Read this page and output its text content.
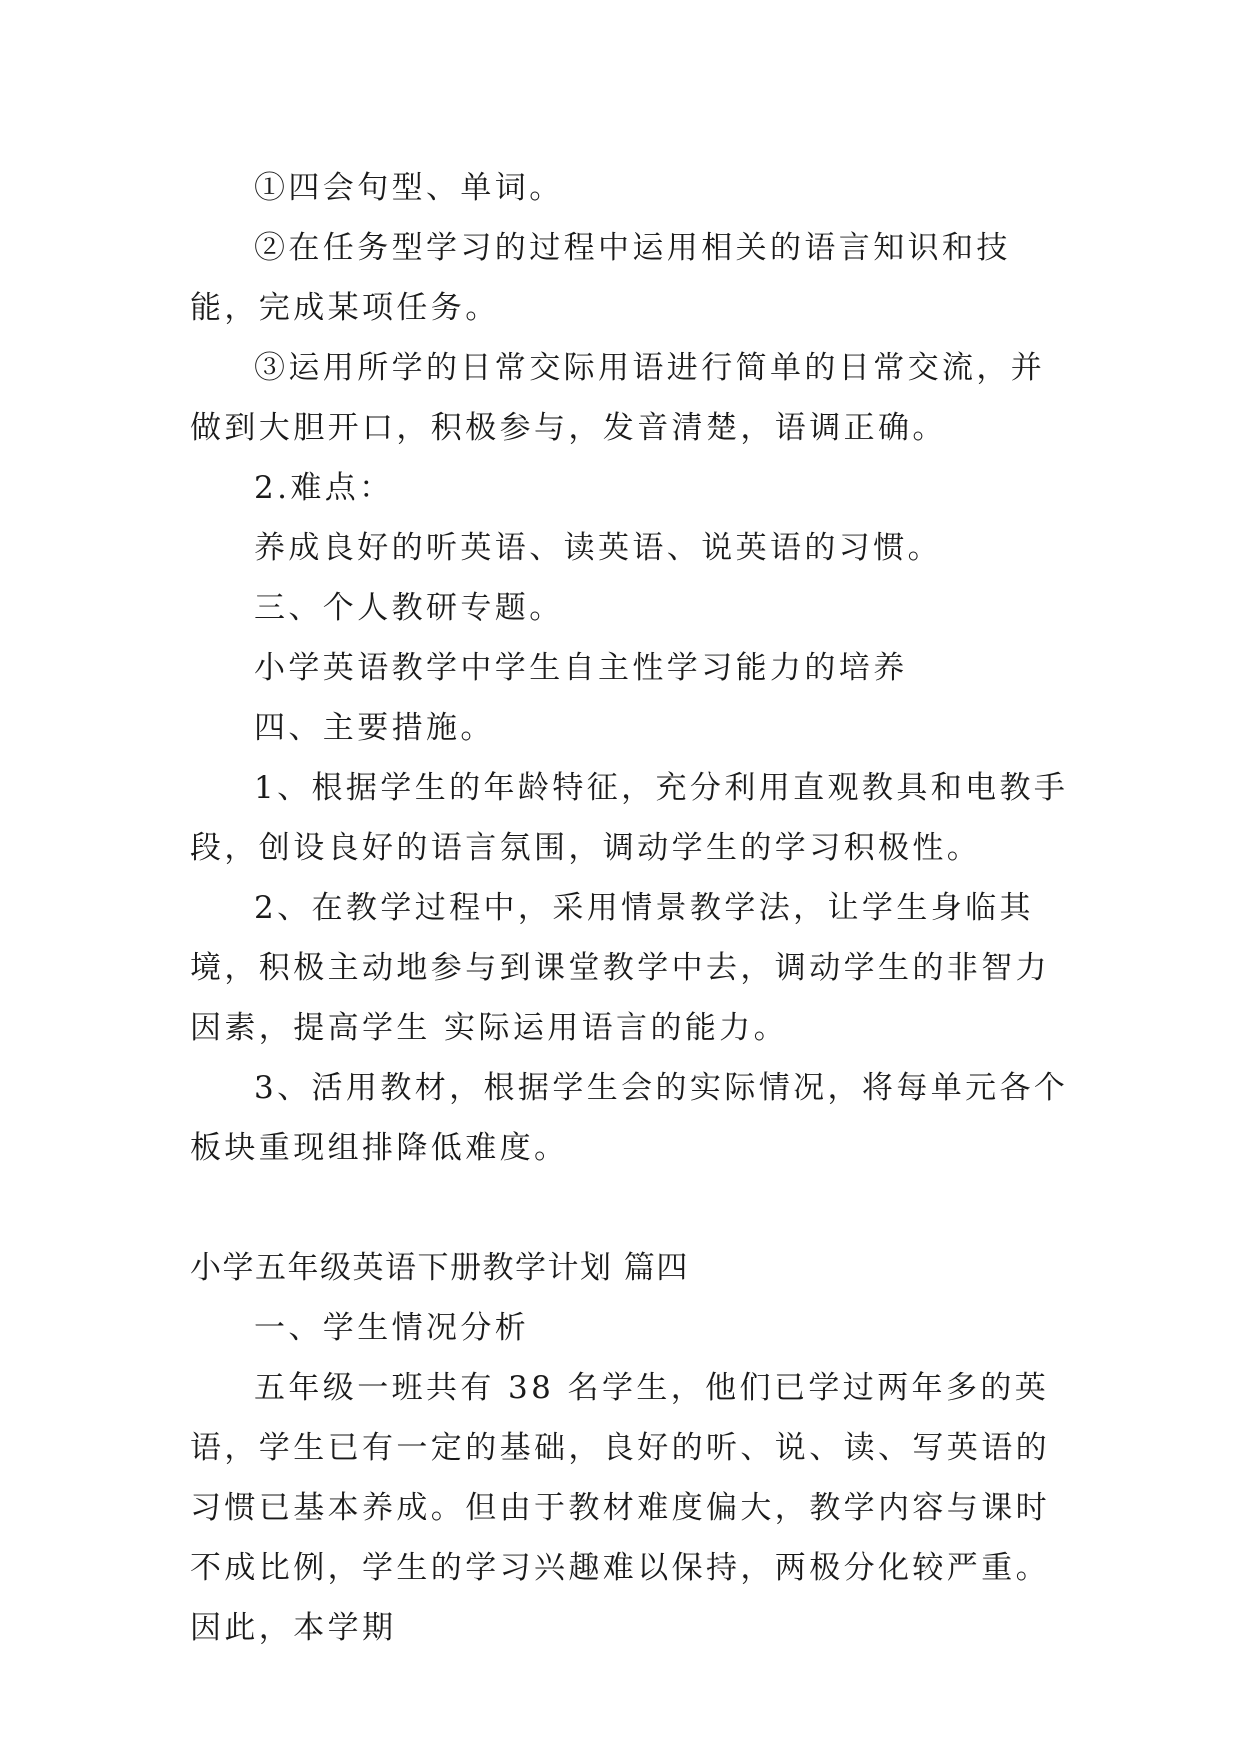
①四会句型、单词。

②在任务型学习的过程中运用相关的语言知识和技能，完成某项任务。

③运用所学的日常交际用语进行简单的日常交流，并做到大胆开口，积极参与，发音清楚，语调正确。

2.难点：

养成良好的听英语、读英语、说英语的习惯。

三、个人教研专题。

小学英语教学中学生自主性学习能力的培养

四、主要措施。

1、根据学生的年龄特征，充分利用直观教具和电教手段，创设良好的语言氛围，调动学生的学习积极性。

2、在教学过程中，采用情景教学法，让学生身临其境，积极主动地参与到课堂教学中去，调动学生的非智力因素，提高学生 实际运用语言的能力。

3、活用教材，根据学生会的实际情况，将每单元各个板块重现组排降低难度。

小学五年级英语下册教学计划 篇四

一、学生情况分析

五年级一班共有 38 名学生，他们已学过两年多的英语，学生已有一定的基础，良好的听、说、读、写英语的习惯已基本养成。但由于教材难度偏大，教学内容与课时不成比例，学生的学习兴趣难以保持，两极分化较严重。因此，本学期
